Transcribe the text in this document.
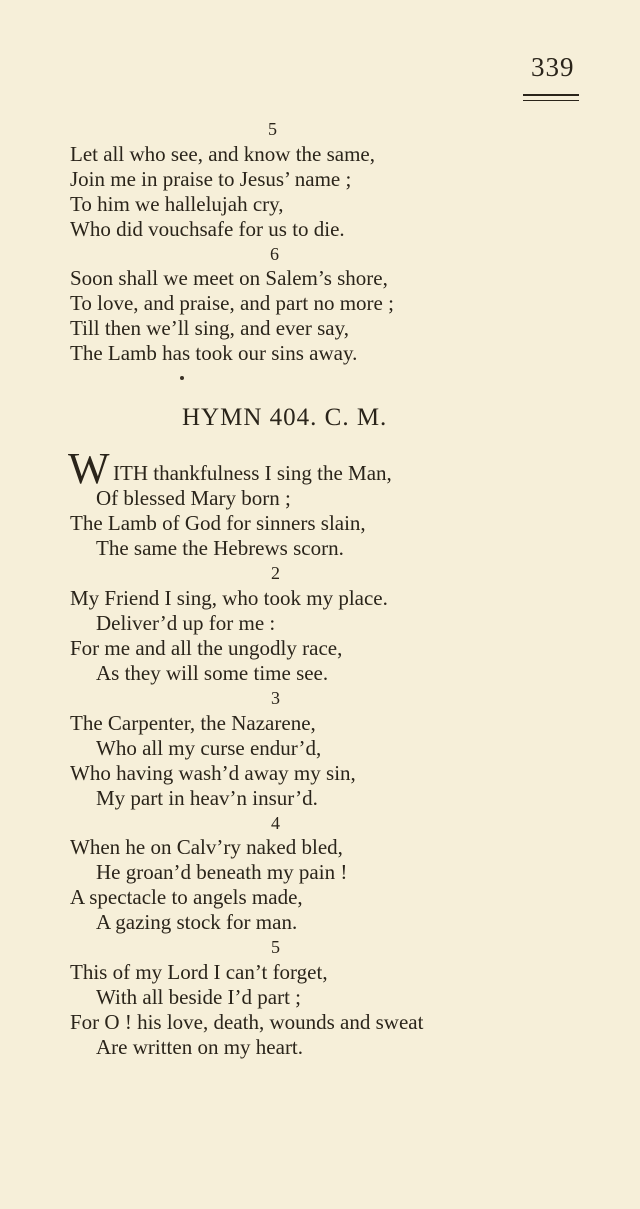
339
5
Let all who see, and know the same,
Join me in praise to Jesus’ name ;
To him we hallelujah cry,
Who did vouchsafe for us to die.
6
Soon shall we meet on Salem’s shore,
To love, and praise, and part no more ;
Till then we’ll sing, and ever say,
The Lamb has took our sins away.
HYMN 404. C. M.
W ITH thankfulness I sing the Man,
Of blessed Mary born ;
The Lamb of God for sinners slain,
The same the Hebrews scorn.
2
My Friend I sing, who took my place.
Deliver’d up for me :
For me and all the ungodly race,
As they will some time see.
3
The Carpenter, the Nazarene,
Who all my curse endur’d,
Who having wash’d away my sin,
My part in heav’n insur’d.
4
When he on Calv’ry naked bled,
He groan’d beneath my pain !
A spectacle to angels made,
A gazing stock for man.
5
This of my Lord I can’t forget,
With all beside I’d part ;
For O ! his love, death, wounds and sweat
Are written on my heart.
